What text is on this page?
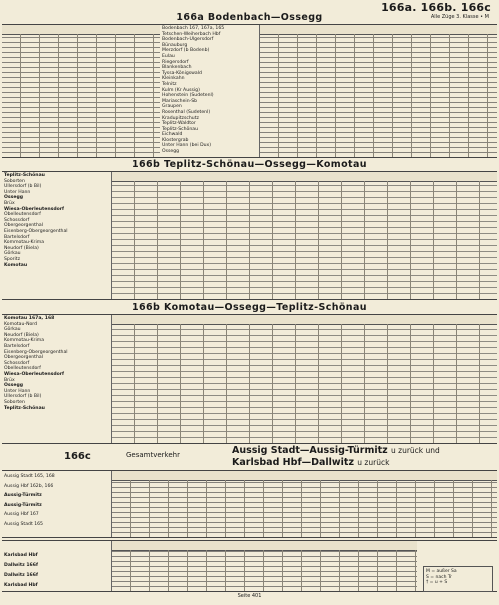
166a. 166b. 166c
Alle Züge 3. Klasse • M
166a Bodenbach—Ossegg
Bodenbach 167, 167a, 165
Tetschen-Weiherbach Hbf
Bodenbach-Ulgersdorf
Bünauburg
Merzdorf (b Bodenb)
Eulau
Riegersdorf
Blankenbach
Tyssa-Königswald
Kleinkahn
Telnitz
Kulm (Kr Aussig)
Hohenstein (Sudetenl)
Mariaschein-Sb
Graupen
Rosenthal (Sudetenl)
Kradupitzschutz
Teplitz-Waldtor
Teplitz-Schönau
Eichwald
Klostergrab
Unter Hann (bei Dux)
Ossegg
166b Teplitz-Schönau—Ossegg—Komotau
Teplitz-Schönau
Soborten
Ullersdorf (b Bil)
Unter Hann
Ossegg
Brüx
Wiesa-Oberleutensdorf
Obelleutensdorf
Schossdorf
Obergeorgenthal
Eisenberg-Obergeorgenthal
Bartelsdorf
Kommotau-Krima
Neudorf (Biela)
Görkau
Sporitz
Komotau
166b Komotau—Ossegg—Teplitz-Schönau
Komotau 167a, 168
Komotau-Nord
Görkau
Neudorf (Biela)
Kommotau-Krima
Bartelsdorf
Eisenberg-Obergeorgenthal
Obergeorgenthal
Schossdorf
Obelleutensdorf
Wiesa-Oberleutensdorf
Brüx
Ossegg
Unter Hann
Ullersdorf (b Bil)
Soborten
Teplitz-Schönau
166c	Gesamtverkehr	Aussig Stadt—Aussig-Türmitz u zurück und
Karlsbad Hbf—Dallwitz u zurück
Aussig Stadt 165, 168
Aussig Hbf 162b, 166
Aussig-Türmitz
Aussig-Türmitz
Aussig Hbf 167
Aussig Stadt 165
Karlsbad Hbf
Dallwitz 166f
Dallwitz 166f
Karlsbad Hbf
M = außer Sa
S = nach Tr
† = u + S
Seite 401
